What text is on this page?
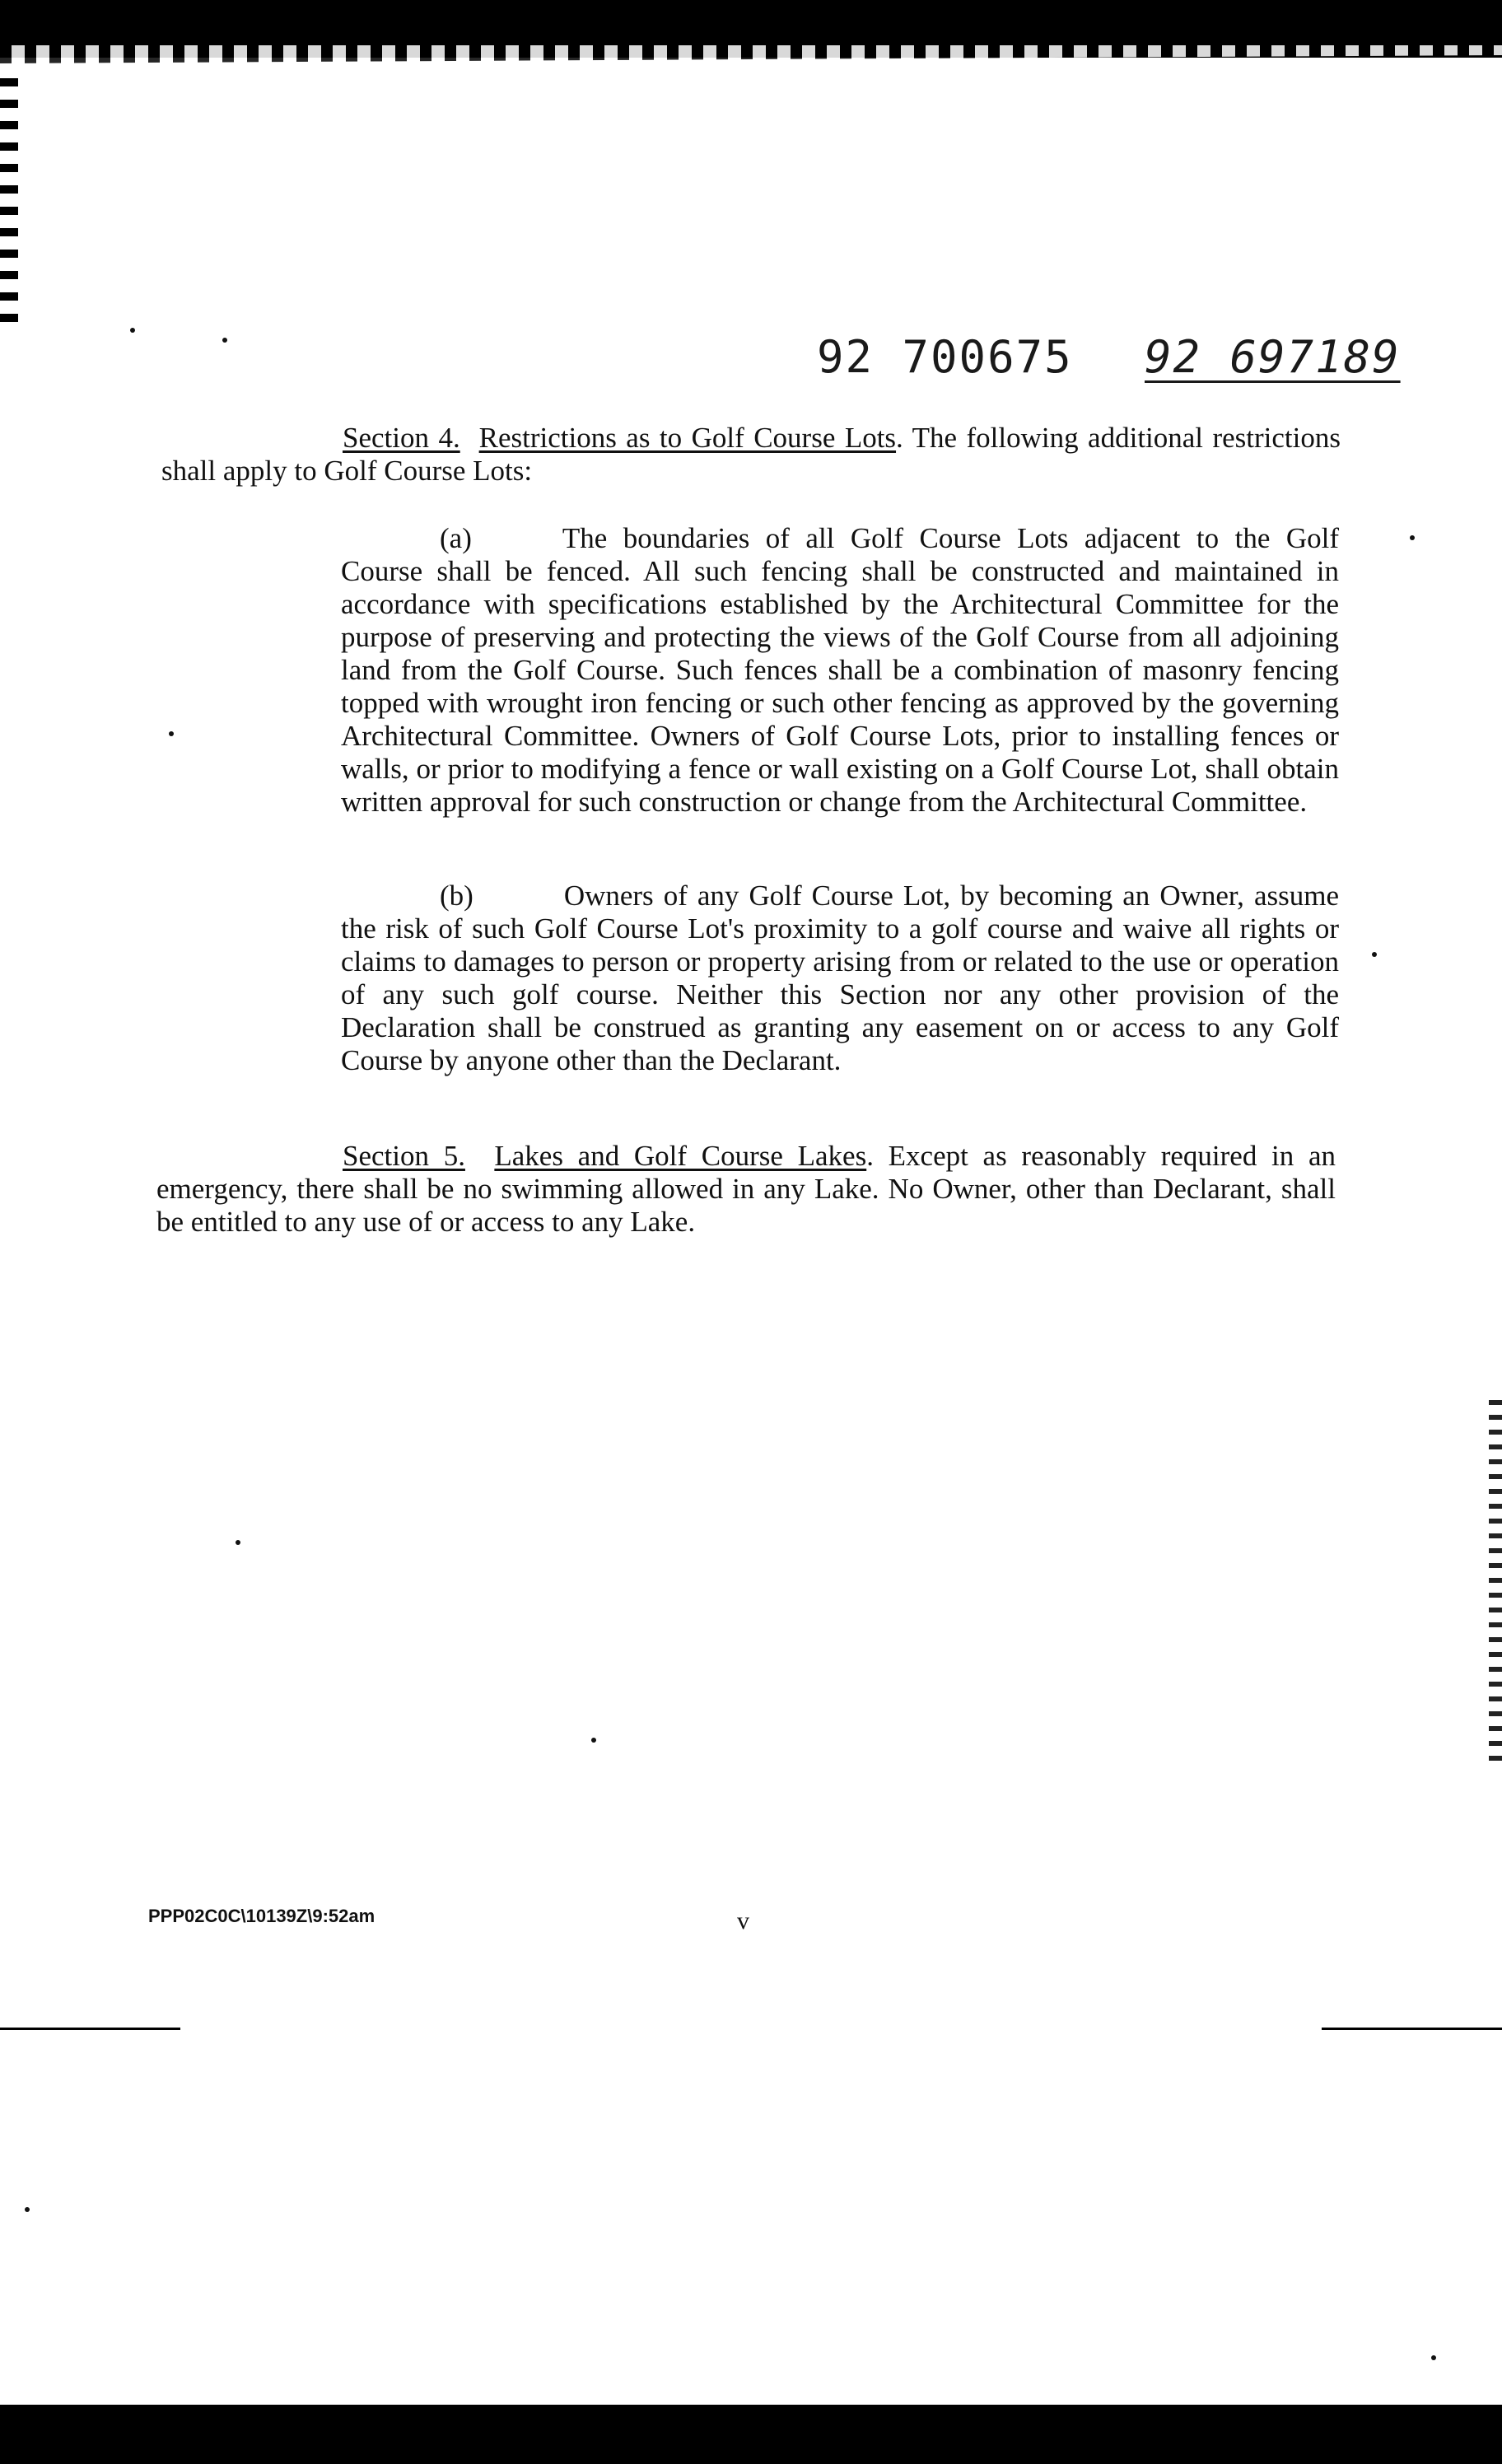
92 700675 92 697189
Section 4. Restrictions as to Golf Course Lots. The following additional restrictions shall apply to Golf Course Lots:
(a)	The boundaries of all Golf Course Lots adjacent to the Golf Course shall be fenced. All such fencing shall be constructed and maintained in accordance with specifications established by the Architectural Committee for the purpose of preserving and protecting the views of the Golf Course from all adjoining land from the Golf Course. Such fences shall be a combination of masonry fencing topped with wrought iron fencing or such other fencing as approved by the governing Architectural Committee. Owners of Golf Course Lots, prior to installing fences or walls, or prior to modifying a fence or wall existing on a Golf Course Lot, shall obtain written approval for such construction or change from the Architectural Committee.
(b)	Owners of any Golf Course Lot, by becoming an Owner, assume the risk of such Golf Course Lot's proximity to a golf course and waive all rights or claims to damages to person or property arising from or related to the use or operation of any such golf course. Neither this Section nor any other provision of the Declaration shall be construed as granting any easement on or access to any Golf Course by anyone other than the Declarant.
Section 5. Lakes and Golf Course Lakes. Except as reasonably required in an emergency, there shall be no swimming allowed in any Lake. No Owner, other than Declarant, shall be entitled to any use of or access to any Lake.
PPP02C0C\10139Z\9:52am	v
